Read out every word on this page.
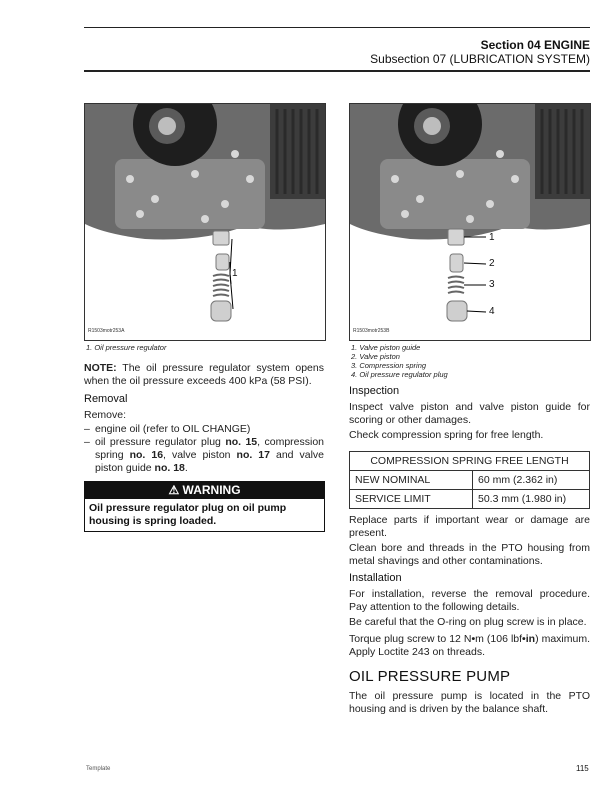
Section 04 ENGINE
Subsection 07 (LUBRICATION SYSTEM)
1
R1503motr253A
1. Oil pressure regulator
NOTE: The oil pressure regulator system opens when the oil pressure exceeds 400 kPa (58 PSI).
Removal
Remove:
– engine oil (refer to OIL CHANGE)
– oil pressure regulator plug no. 15, compression spring no. 16, valve piston no. 17 and valve piston guide no. 18.
⚠ WARNING
Oil pressure regulator plug on oil pump housing is spring loaded.
1
2
3
4
R1503motr253B
1. Valve piston guide
2. Valve piston
3. Compression spring
4. Oil pressure regulator plug
Inspection
Inspect valve piston and valve piston guide for scoring or other damages.
Check compression spring for free length.
COMPRESSION SPRING FREE LENGTH	
NEW NOMINAL	60 mm (2.362 in)
SERVICE LIMIT	50.3 mm (1.980 in)
Replace parts if important wear or damage are present.
Clean bore and threads in the PTO housing from metal shavings and other contaminations.
Installation
For installation, reverse the removal procedure. Pay attention to the following details.
Be careful that the O-ring on plug screw is in place.
Torque plug screw to 12 N•m (106 lbf•in) maximum. Apply Loctite 243 on threads.
OIL PRESSURE PUMP
The oil pressure pump is located in the PTO housing and is driven by the balance shaft.
Template	115
